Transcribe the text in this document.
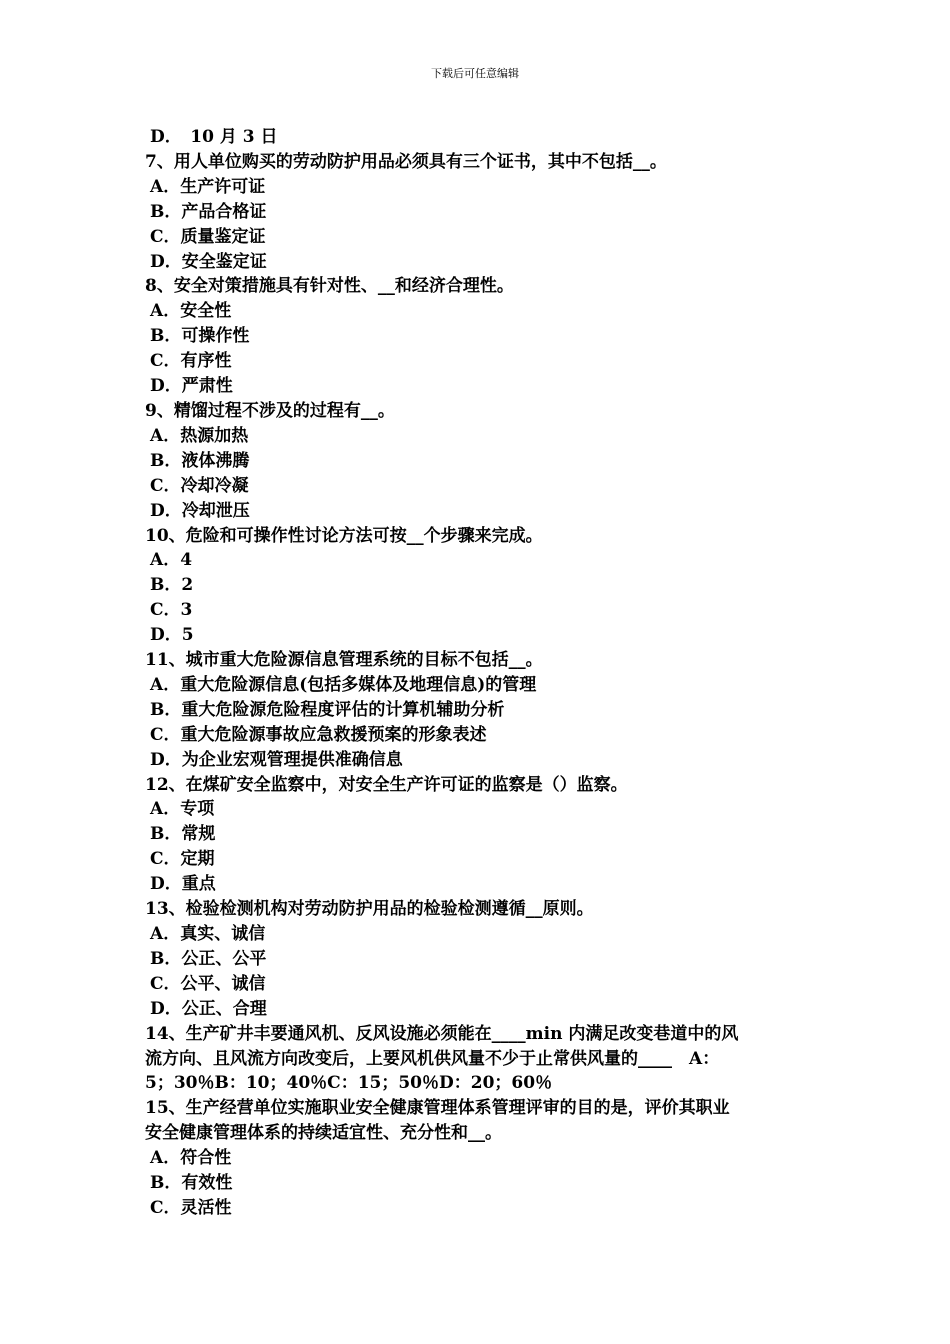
下载后可任意编辑
D．　10 月 3 日
7、用人单位购买的劳动防护用品必须具有三个证书，其中不包括__。
A．生产许可证
B．产品合格证
C．质量鉴定证
D．安全鉴定证
8、安全对策措施具有针对性、__和经济合理性。
A．安全性
B．可操作性
C．有序性
D．严肃性
9、精馏过程不涉及的过程有__。
A．热源加热
B．液体沸腾
C．冷却冷凝
D．冷却泄压
10、危险和可操作性讨论方法可按__个步骤来完成。
A．4
B．2
C．3
D．5
11、城市重大危险源信息管理系统的目标不包括__。
A．重大危险源信息(包括多媒体及地理信息)的管理
B．重大危险源危险程度评估的计算机辅助分析
C．重大危险源事故应急救援预案的形象表述
D．为企业宏观管理提供准确信息
12、在煤矿安全监察中，对安全生产许可证的监察是（）监察。
A．专项
B．常规
C．定期
D．重点
13、检验检测机构对劳动防护用品的检验检测遵循__原则。
A．真实、诚信
B．公正、公平
C．公平、诚信
D．公正、合理
14、生产矿井丰要通风机、反风设施必须能在____min 内满足改变巷道中的风
流方向、且风流方向改变后，上要风机供风量不少于止常供风量的____　A：
5；30％B：10；40％C：15；50％D：20；60％
15、生产经营单位实施职业安全健康管理体系管理评审的目的是，评价其职业
安全健康管理体系的持续适宜性、充分性和__。
A．符合性
B．有效性
C．灵活性
